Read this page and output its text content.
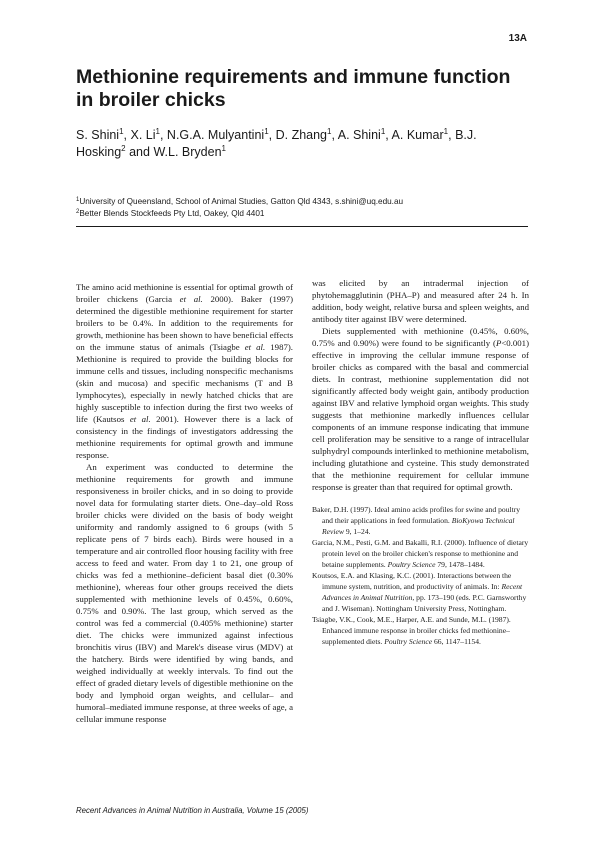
13A
Methionine requirements and immune function in broiler chicks
S. Shini$^1$, X. Li$^1$, N.G.A. Mulyantini$^1$, D. Zhang$^1$, A. Shini$^1$, A. Kumar$^1$, B.J. Hosking$^2$ and W.L. Bryden$^1$
$^1$University of Queensland, School of Animal Studies, Gatton Qld 4343, s.shini@uq.edu.au
$^2$Better Blends Stockfeeds Pty Ltd, Oakey, Qld 4401

The amino acid methionine is essential for optimal growth of broiler chickens (Garcia et al. 2000). Baker (1997) determined the digestible methionine requirement for starter broilers to be 0.4%. In addition to the requirements for growth, methionine has been shown to have beneficial effects on the immune status of animals (Tsiagbe et al. 1987). Methionine is required to provide the building blocks for immune cells and tissues, including nonspecific mechanisms (skin and mucosa) and specific mechanisms (T and B lymphocytes), especially in newly hatched chicks that are highly susceptible to infection during the first two weeks of life (Kautsos et al. 2001). However there is a lack of consistency in the findings of investigators addressing the methionine requirements for optimal growth and immune response.

An experiment was conducted to determine the methionine requirements for growth and immune responsiveness in broiler chicks, and in so doing to provide novel data for formulating starter diets. One–day–old Ross broiler chicks were divided on the basis of body weight uniformity and randomly assigned to 6 groups (with 5 replicate pens of 7 birds each). Birds were housed in a temperature and air controlled floor housing facility with free access to feed and water. From day 1 to 21, one group of chicks was fed a methionine–deficient basal diet (0.30% methionine), whereas four other groups received the diets supplemented with methionine levels of 0.45%, 0.60%, 0.75% and 0.90%. The last group, which served as the control was fed a commercial (0.405% methionine) starter diet. The chicks were immunized against infectious bronchitis virus (IBV) and Marek's disease virus (MDV) at the hatchery. Birds were identified by wing bands, and weighed individually at weekly intervals. To find out the effect of graded dietary levels of digestible methionine on the body and lymphoid organ weights, and cellular– and humoral–mediated immune response, at three weeks of age, a cellular immune response

was elicited by an intradermal injection of phytohemagglutinin (PHA–P) and measured after 24 h. In addition, body weight, relative bursa and spleen weights, and antibody titer against IBV were determined.

Diets supplemented with methionine (0.45%, 0.60%, 0.75% and 0.90%) were found to be significantly (P<0.001) effective in improving the cellular immune response of broiler chicks as compared with the basal and commercial diets. In contrast, methionine supplementation did not significantly affected body weight gain, antibody production against IBV and relative lymphoid organ weights. This study suggests that methionine markedly influences cellular components of an immune response indicating that immune cell proliferation may be sensitive to a range of intracellular sulphydryl compounds interlinked to methionine metabolism, including glutathione and cysteine. This study demonstrated that the methionine requirement for cellular immune response is greater than that required for optimal growth.

Baker, D.H. (1997). Ideal amino acids profiles for swine and poultry and their applications in feed formulation. BioKyowa Technical Review 9, 1–24.

Garcia, N.M., Pesti, G.M. and Bakalli, R.I. (2000). Influence of dietary protein level on the broiler chicken's response to methionine and betaine supplements. Poultry Science 79, 1478–1484.

Koutsos, E.A. and Klasing, K.C. (2001). Interactions between the immune system, nutrition, and productivity of animals. In: Recent Advances in Animal Nutrition, pp. 173–190 (eds. P.C. Garnsworthy and J. Wiseman). Nottingham University Press, Nottingham.

Tsiagbe, V.K., Cook, M.E., Harper, A.E. and Sunde, M.L. (1987). Enhanced immune response in broiler chicks fed methionine–supplemented diets. Poultry Science 66, 1147–1154.

Recent Advances in Animal Nutrition in Australia, Volume 15 (2005)
